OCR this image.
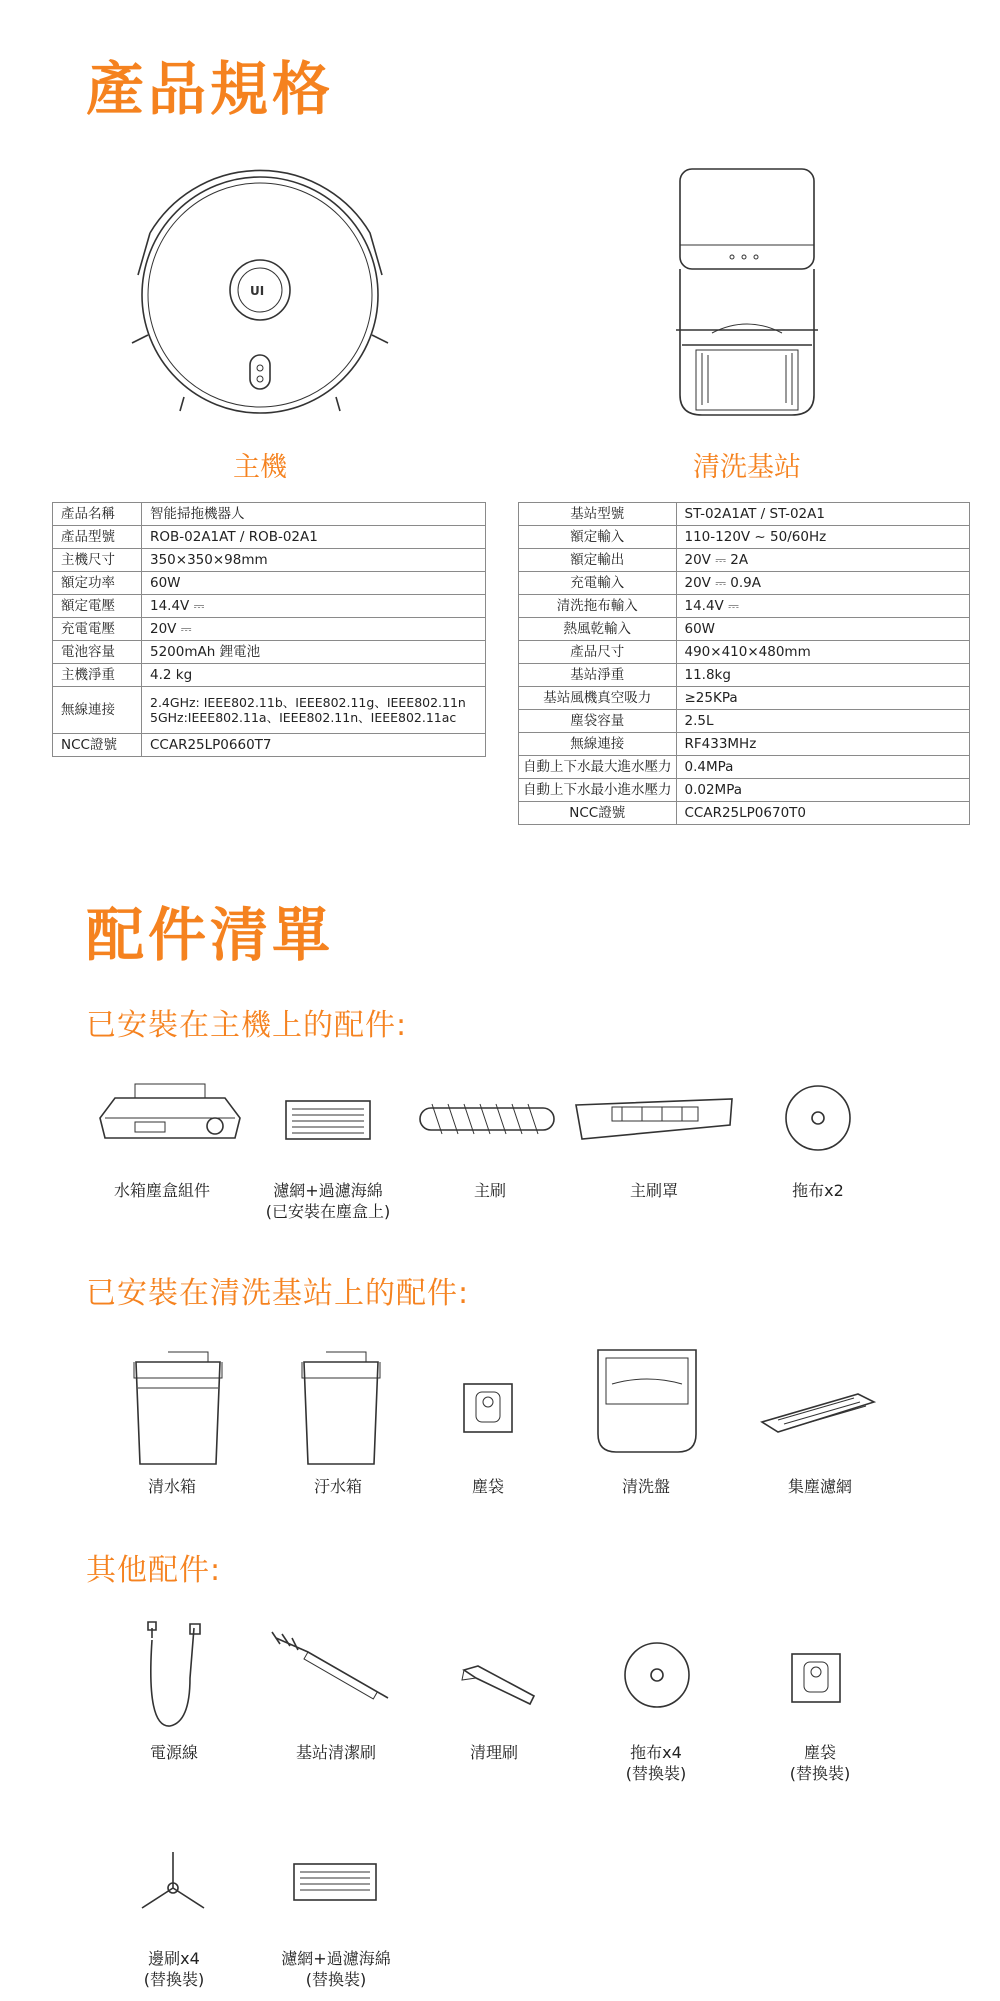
產品規格
UI
主機	清洗基站
產品名稱	智能掃拖機器人
產品型號	ROB-02A1AT / ROB-02A1
主機尺寸	350×350×98mm
額定功率	60W
額定電壓	14.4V ⎓
充電電壓	20V ⎓
電池容量	5200mAh 鋰電池
主機淨重	4.2 kg
無線連接	2.4GHz: IEEE802.11b、IEEE802.11g、IEEE802.11n
5GHz:IEEE802.11a、IEEE802.11n、IEEE802.11ac
NCC證號	CCAR25LP0660T7
基站型號	ST-02A1AT / ST-02A1
額定輸入	110-120V ~ 50/60Hz
額定輸出	20V ⎓ 2A
充電輸入	20V ⎓ 0.9A
清洗拖布輸入	14.4V ⎓
熱風乾輸入	60W
產品尺寸	490×410×480mm
基站淨重	11.8kg
基站風機真空吸力	≥25KPa
塵袋容量	2.5L
無線連接	RF433MHz
自動上下水最大進水壓力	0.4MPa
自動上下水最小進水壓力	0.02MPa
NCC證號	CCAR25LP0670T0
配件清單
已安裝在主機上的配件:
已安裝在清洗基站上的配件:
其他配件:
水箱塵盒組件	濾網+過濾海綿
(已安裝在塵盒上)
主刷	主刷罩	拖布x2
清水箱	汙水箱	塵袋	清洗盤	集塵濾網
電源線	基站清潔刷	清理刷	拖布x4
(替換裝)
塵袋
(替換裝)
邊刷x4
(替換裝)
濾網+過濾海綿
(替換裝)
